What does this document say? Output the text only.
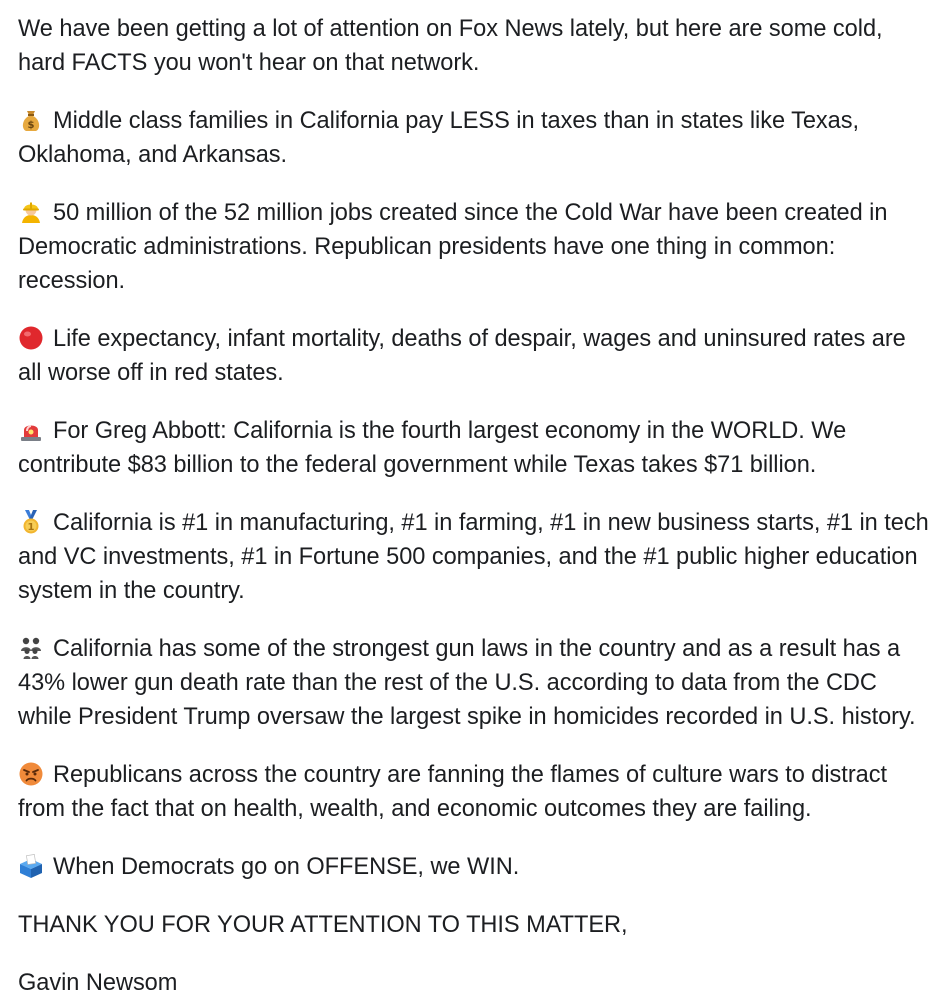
We have been getting a lot of attention on Fox News lately, but here are some cold, hard FACTS you won't hear on that network.

$ Middle class families in California pay LESS in taxes than in states like Texas, Oklahoma, and Arkansas.

50 million of the 52 million jobs created since the Cold War have been created in Democratic administrations. Republican presidents have one thing in common: recession.

Life expectancy, infant mortality, deaths of despair, wages and uninsured rates are all worse off in red states.

For Greg Abbott: California is the fourth largest economy in the WORLD. We contribute $83 billion to the federal government while Texas takes $71 billion.

1 California is #1 in manufacturing, #1 in farming, #1 in new business starts, #1 in tech and VC investments, #1 in Fortune 500 companies, and the #1 public higher education system in the country.

California has some of the strongest gun laws in the country and as a result has a 43% lower gun death rate than the rest of the U.S. according to data from the CDC while President Trump oversaw the largest spike in homicides recorded in U.S. history.

Republicans across the country are fanning the flames of culture wars to distract from the fact that on health, wealth, and economic outcomes they are failing.

When Democrats go on OFFENSE, we WIN.

THANK YOU FOR YOUR ATTENTION TO THIS MATTER,

Gavin Newsom
